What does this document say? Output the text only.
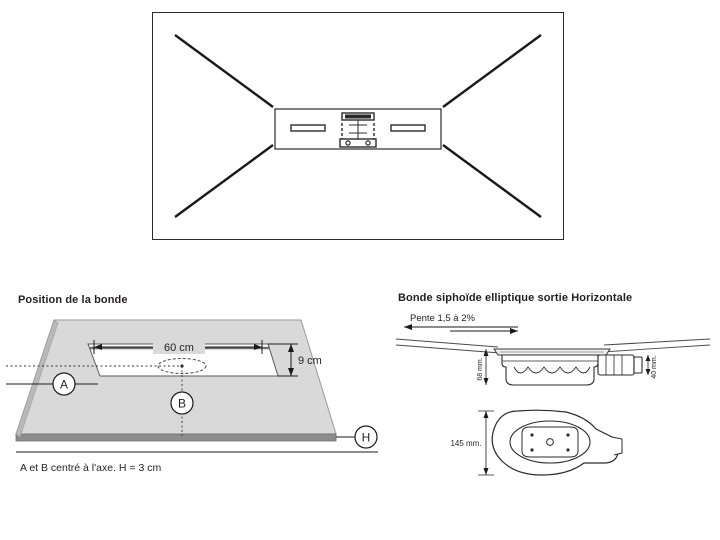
Position de la bonde	Bonde siphoïde elliptique sortie Horizontale
60 cm
9 cm
A
B
H
A et B centré à l'axe. H = 3 cm
Pente 1,5 à 2%
68 mm.	40 mm.
145 mm.
